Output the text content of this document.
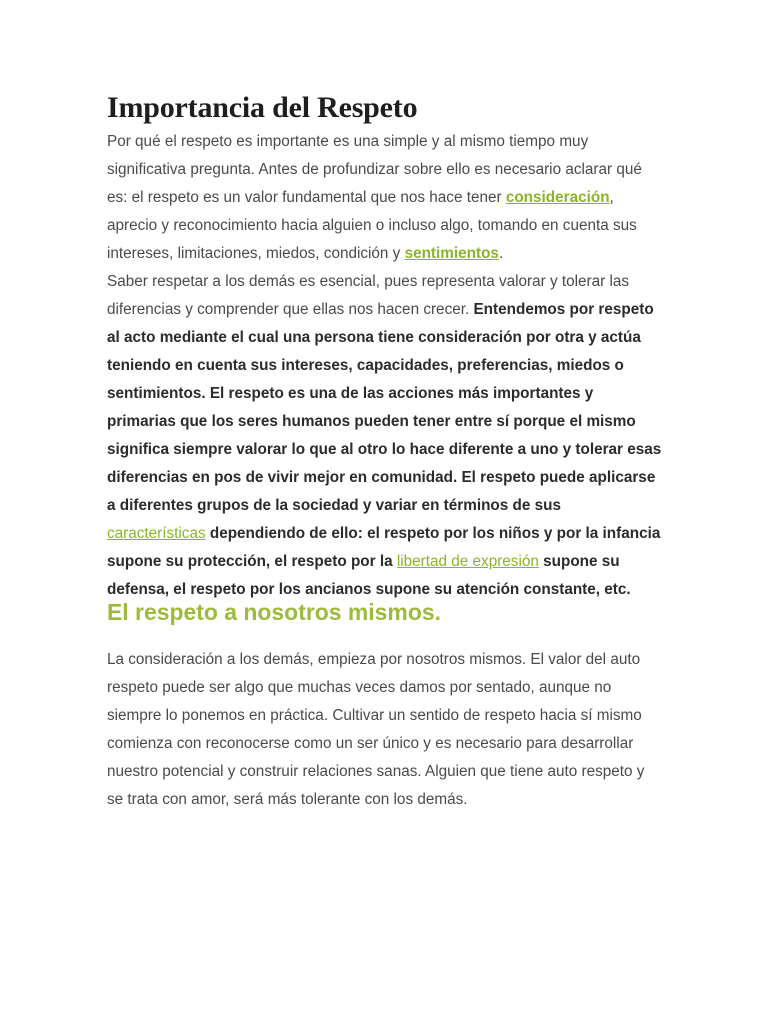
Importancia del Respeto

Por qué el respeto es importante es una simple y al mismo tiempo muy significativa pregunta. Antes de profundizar sobre ello es necesario aclarar qué es: el respeto es un valor fundamental que nos hace tener consideración, aprecio y reconocimiento hacia alguien o incluso algo, tomando en cuenta sus intereses, limitaciones, miedos, condición y sentimientos.

Saber respetar a los demás es esencial, pues representa valorar y tolerar las diferencias y comprender que ellas nos hacen crecer. Entendemos por respeto al acto mediante el cual una persona tiene consideración por otra y actúa teniendo en cuenta sus intereses, capacidades, preferencias, miedos o sentimientos. El respeto es una de las acciones más importantes y primarias que los seres humanos pueden tener entre sí porque el mismo significa siempre valorar lo que al otro lo hace diferente a uno y tolerar esas diferencias en pos de vivir mejor en comunidad. El respeto puede aplicarse a diferentes grupos de la sociedad y variar en términos de sus características dependiendo de ello: el respeto por los niños y por la infancia supone su protección, el respeto por la libertad de expresión supone su defensa, el respeto por los ancianos supone su atención constante, etc.

El respeto a nosotros mismos.

La consideración a los demás, empieza por nosotros mismos. El valor del auto respeto puede ser algo que muchas veces damos por sentado, aunque no siempre lo ponemos en práctica. Cultivar un sentido de respeto hacia sí mismo comienza con reconocerse como un ser único y es necesario para desarrollar nuestro potencial y construir relaciones sanas. Alguien que tiene auto respeto y se trata con amor, será más tolerante con los demás.
